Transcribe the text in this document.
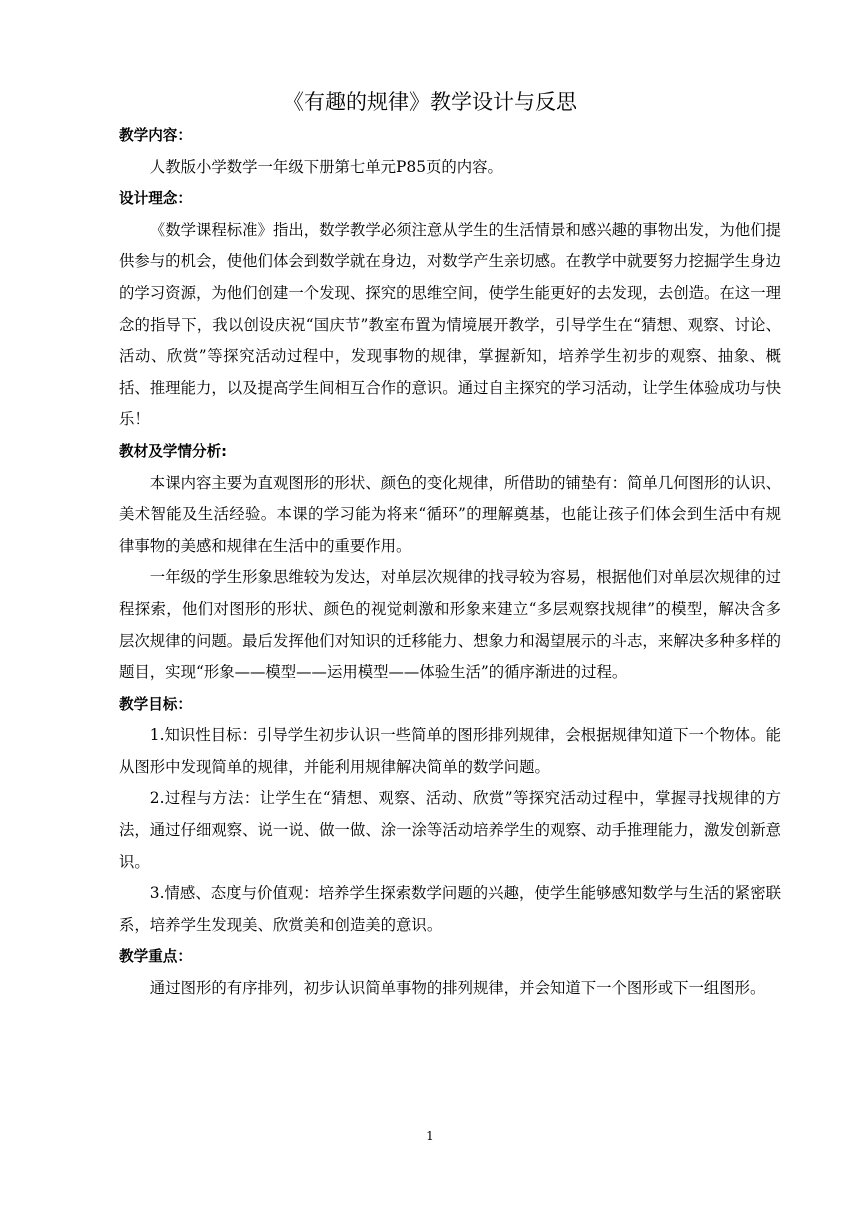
《有趣的规律》教学设计与反思

教学内容：

人教版小学数学一年级下册第七单元P85页的内容。

设计理念：

《数学课程标准》指出，数学教学必须注意从学生的生活情景和感兴趣的事物出发，为他们提供参与的机会，使他们体会到数学就在身边，对数学产生亲切感。在教学中就要努力挖掘学生身边的学习资源，为他们创建一个发现、探究的思维空间，使学生能更好的去发现，去创造。在这一理念的指导下，我以创设庆祝“国庆节”教室布置为情境展开教学，引导学生在“猜想、观察、讨论、活动、欣赏”等探究活动过程中，发现事物的规律，掌握新知，培养学生初步的观察、抽象、概括、推理能力，以及提高学生间相互合作的意识。通过自主探究的学习活动，让学生体验成功与快乐！

教材及学情分析:

本课内容主要为直观图形的形状、颜色的变化规律，所借助的铺垫有：简单几何图形的认识、美术智能及生活经验。本课的学习能为将来“循环”的理解奠基，也能让孩子们体会到生活中有规律事物的美感和规律在生活中的重要作用。

一年级的学生形象思维较为发达，对单层次规律的找寻较为容易，根据他们对单层次规律的过程探索，他们对图形的形状、颜色的视觉刺激和形象来建立“多层观察找规律”的模型，解决含多层次规律的问题。最后发挥他们对知识的迁移能力、想象力和渴望展示的斗志，来解决多种多样的题目，实现“形象——模型——运用模型——体验生活”的循序渐进的过程。

教学目标：

1.知识性目标：引导学生初步认识一些简单的图形排列规律，会根据规律知道下一个物体。能从图形中发现简单的规律，并能利用规律解决简单的数学问题。

2.过程与方法：让学生在“猜想、观察、活动、欣赏”等探究活动过程中，掌握寻找规律的方法，通过仔细观察、说一说、做一做、涂一涂等活动培养学生的观察、动手推理能力，激发创新意识。

3.情感、态度与价值观：培养学生探索数学问题的兴趣，使学生能够感知数学与生活的紧密联系，培养学生发现美、欣赏美和创造美的意识。

教学重点：

通过图形的有序排列，初步认识简单事物的排列规律，并会知道下一个图形或下一组图形。

1
